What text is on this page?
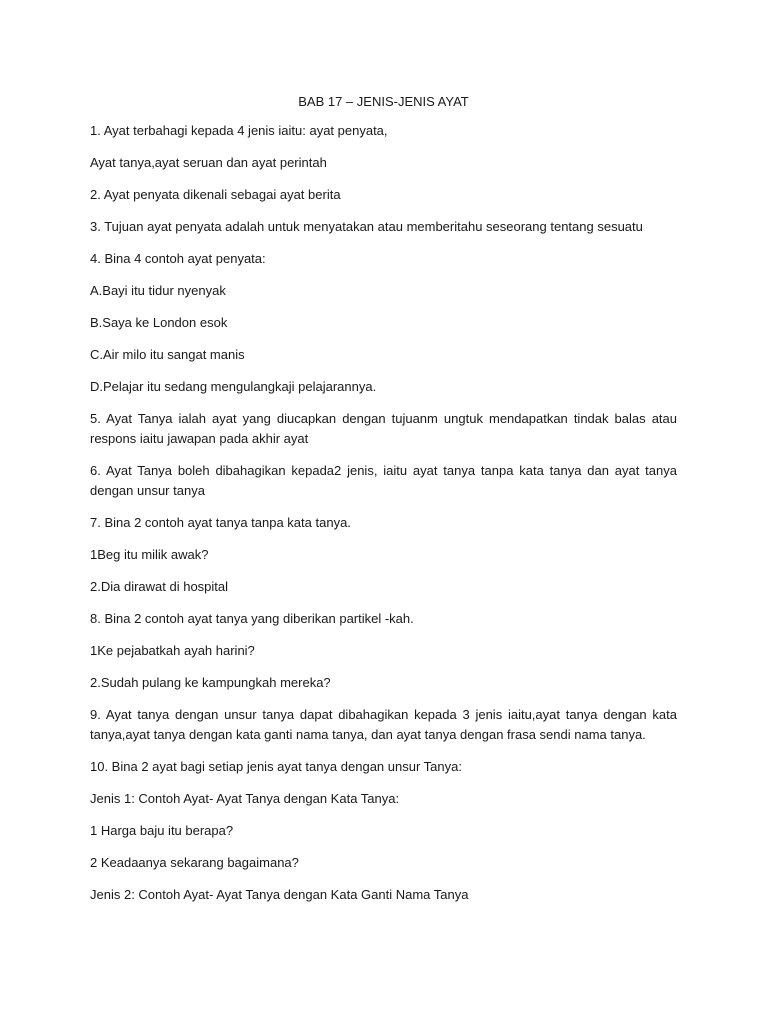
BAB 17 – JENIS-JENIS AYAT
1. Ayat terbahagi kepada 4 jenis iaitu: ayat penyata,
Ayat tanya,ayat seruan dan ayat perintah
2. Ayat penyata dikenali sebagai ayat berita
3. Tujuan ayat penyata adalah untuk menyatakan atau memberitahu seseorang tentang sesuatu
4. Bina 4 contoh ayat penyata:
A.Bayi itu tidur nyenyak
B.Saya ke London esok
C.Air milo itu sangat manis
D.Pelajar itu sedang mengulangkaji pelajarannya.
5. Ayat Tanya ialah ayat yang diucapkan dengan tujuanm ungtuk mendapatkan tindak balas atau respons iaitu jawapan pada akhir ayat
6. Ayat Tanya boleh dibahagikan kepada2 jenis, iaitu ayat tanya tanpa kata tanya dan ayat tanya dengan unsur tanya
7. Bina 2 contoh ayat tanya tanpa kata tanya.
1Beg itu milik awak?
2.Dia dirawat di hospital
8. Bina 2 contoh ayat tanya yang diberikan partikel -kah.
1Ke pejabatkah ayah harini?
2.Sudah pulang ke kampungkah mereka?
9. Ayat tanya dengan unsur tanya dapat dibahagikan kepada 3 jenis iaitu,ayat tanya dengan kata tanya,ayat tanya dengan kata ganti nama tanya, dan ayat tanya dengan frasa sendi nama tanya.
10. Bina 2 ayat bagi setiap jenis ayat tanya dengan unsur Tanya:
Jenis 1: Contoh Ayat- Ayat Tanya dengan Kata Tanya:
1 Harga baju itu berapa?
2 Keadaanya sekarang bagaimana?
Jenis 2: Contoh Ayat- Ayat Tanya dengan Kata Ganti Nama Tanya
